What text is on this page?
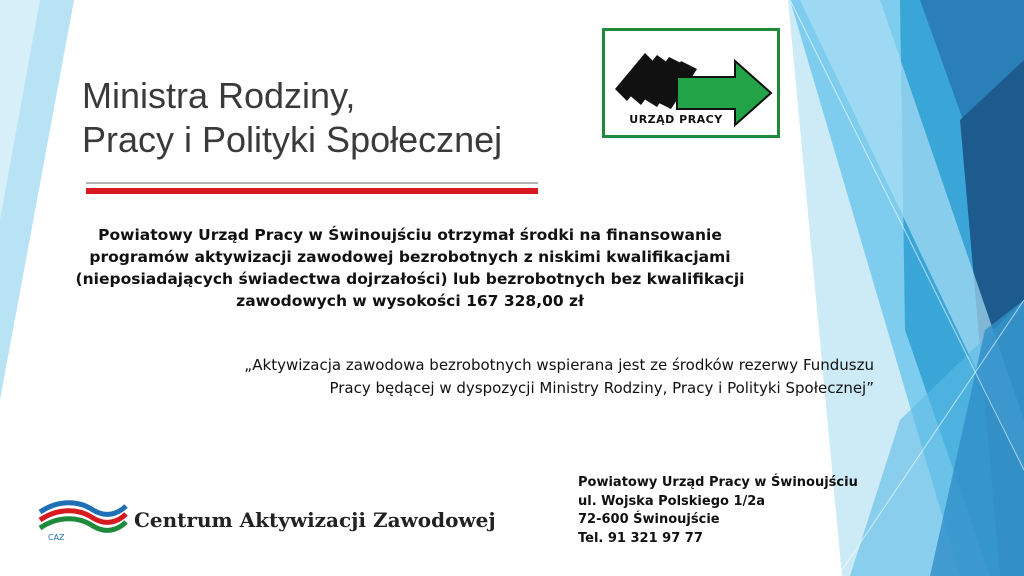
Ministra Rodziny,
Pracy i Polityki Społecznej	URZĄD PRACY
Powiatowy Urząd Pracy w Świnoujściu otrzymał środki na finansowanie
programów aktywizacji zawodowej bezrobotnych z niskimi kwalifikacjami
(nieposiadających świadectwa dojrzałości) lub bezrobotnych bez kwalifikacji
zawodowych w wysokości 167 328,00 zł
„Aktywizacja zawodowa bezrobotnych wspierana jest ze środków rezerwy Funduszu
Pracy będącej w dyspozycji Ministry Rodziny, Pracy i Polityki Społecznej”
CAZ
Centrum Aktywizacji Zawodowej
Powiatowy Urząd Pracy w Świnoujściu
ul. Wojska Polskiego 1/2a
72-600 Świnoujście
Tel. 91 321 97 77
